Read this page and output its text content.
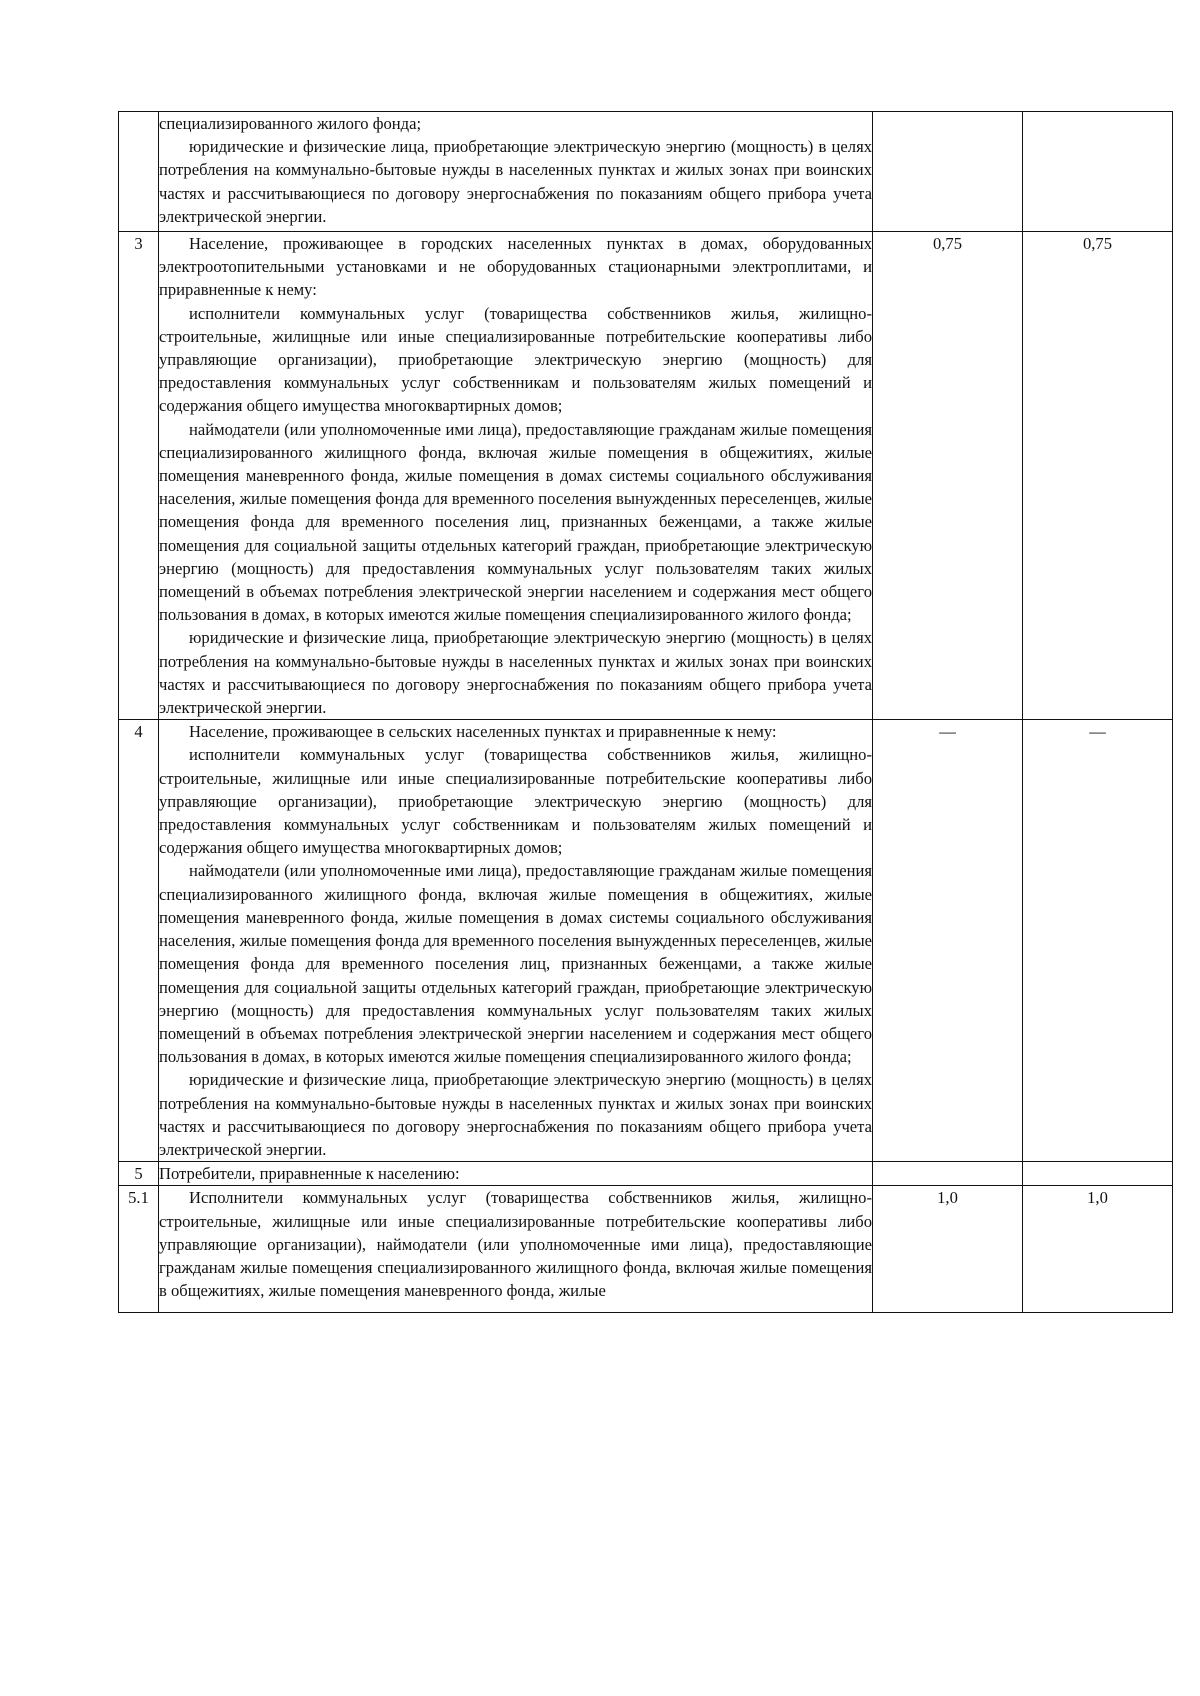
	специализированного жилого фонда;

юридические и физические лица, приобретающие электрическую энергию (мощность) в целях потребления на коммунально-бытовые нужды в населенных пунктах и жилых зонах при воинских частях и рассчитывающиеся по договору энергоснабжения по показаниям общего прибора учета электрической энергии.		

3	Население, проживающее в городских населенных пунктах в домах, оборудованных электроотопительными установками и не оборудованных стационарными электроплитами, и приравненные к нему:

исполнители коммунальных услуг (товарищества собственников жилья, жилищно-строительные, жилищные или иные специализированные потребительские кооперативы либо управляющие организации), приобретающие электрическую энергию (мощность) для предоставления коммунальных услуг собственникам и пользователям жилых помещений и содержания общего имущества многоквартирных домов;

наймодатели (или уполномоченные ими лица), предоставляющие гражданам жилые помещения специализированного жилищного фонда, включая жилые помещения в общежитиях, жилые помещения маневренного фонда, жилые помещения в домах системы социального обслуживания населения, жилые помещения фонда для временного поселения вынужденных переселенцев, жилые помещения фонда для временного поселения лиц, признанных беженцами, а также жилые помещения для социальной защиты отдельных категорий граждан, приобретающие электрическую энергию (мощность) для предоставления коммунальных услуг пользователям таких жилых помещений в объемах потребления электрической энергии населением и содержания мест общего пользования в домах, в которых имеются жилые помещения специализированного жилого фонда;

юридические и физические лица, приобретающие электрическую энергию (мощность) в целях потребления на коммунально-бытовые нужды в населенных пунктах и жилых зонах при воинских частях и рассчитывающиеся по договору энергоснабжения по показаниям общего прибора учета электрической энергии.	0,75	0,75
4	Население, проживающее в сельских населенных пунктах и приравненные к нему:

исполнители коммунальных услуг (товарищества собственников жилья, жилищно-строительные, жилищные или иные специализированные потребительские кооперативы либо управляющие организации), приобретающие электрическую энергию (мощность) для предоставления коммунальных услуг собственникам и пользователям жилых помещений и содержания общего имущества многоквартирных домов;

наймодатели (или уполномоченные ими лица), предоставляющие гражданам жилые помещения специализированного жилищного фонда, включая жилые помещения в общежитиях, жилые помещения маневренного фонда, жилые помещения в домах системы социального обслуживания населения, жилые помещения фонда для временного поселения вынужденных переселенцев, жилые помещения фонда для временного поселения лиц, признанных беженцами, а также жилые помещения для социальной защиты отдельных категорий граждан, приобретающие электрическую энергию (мощность) для предоставления коммунальных услуг пользователям таких жилых помещений в объемах потребления электрической энергии населением и содержания мест общего пользования в домах, в которых имеются жилые помещения специализированного жилого фонда;

юридические и физические лица, приобретающие электрическую энергию (мощность) в целях потребления на коммунально-бытовые нужды в населенных пунктах и жилых зонах при воинских частях и рассчитывающиеся по договору энергоснабжения по показаниям общего прибора учета электрической энергии.	—	—
5	Потребители, приравненные к населению:		

5.1	Исполнители коммунальных услуг (товарищества собственников жилья, жилищно-строительные, жилищные или иные специализированные потребительские кооперативы либо управляющие организации), наймодатели (или уполномоченные ими лица), предоставляющие гражданам жилые помещения специализированного жилищного фонда, включая жилые помещения в общежитиях, жилые помещения маневренного фонда, жилые	1,0	1,0
